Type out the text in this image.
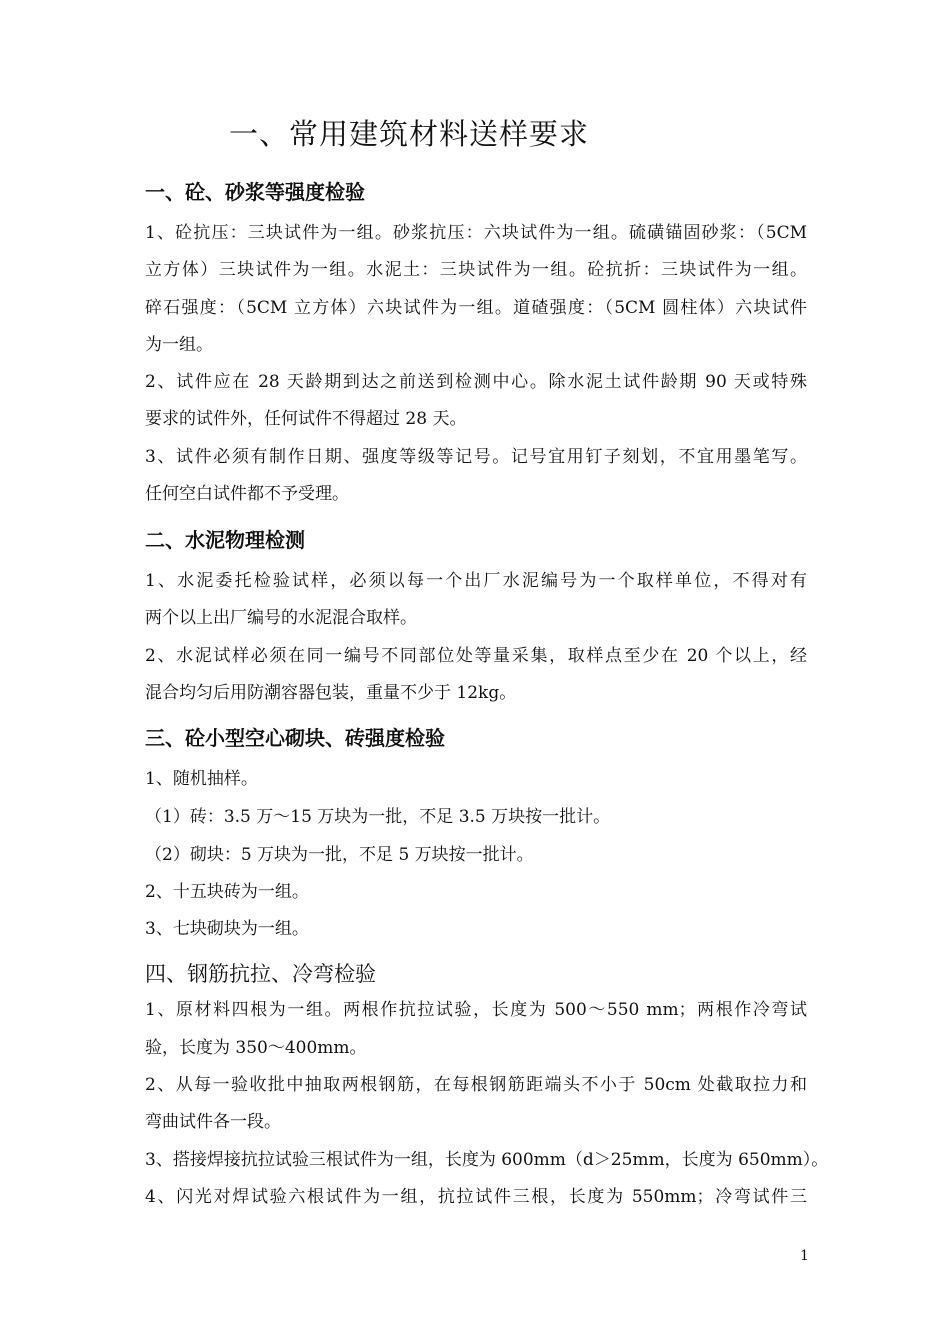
一、常用建筑材料送样要求
一、砼、砂浆等强度检验
1、砼抗压：三块试件为一组。砂浆抗压：六块试件为一组。硫磺锚固砂浆：（5CM
立方体）三块试件为一组。水泥土：三块试件为一组。砼抗折：三块试件为一组。
碎石强度：（5CM 立方体）六块试件为一组。道碴强度：（5CM 圆柱体）六块试件
为一组。
2、试件应在 28 天龄期到达之前送到检测中心。除水泥土试件龄期 90 天或特殊
要求的试件外，任何试件不得超过 28 天。
3、试件必须有制作日期、强度等级等记号。记号宜用钉子刻划，不宜用墨笔写。
任何空白试件都不予受理。
二、水泥物理检测
1、水泥委托检验试样，必须以每一个出厂水泥编号为一个取样单位，不得对有
两个以上出厂编号的水泥混合取样。
2、水泥试样必须在同一编号不同部位处等量采集，取样点至少在 20 个以上，经
混合均匀后用防潮容器包装，重量不少于 12kg。
三、砼小型空心砌块、砖强度检验
1、随机抽样。
（1）砖：3.5 万～15 万块为一批，不足 3.5 万块按一批计。
（2）砌块：5 万块为一批，不足 5 万块按一批计。
2、十五块砖为一组。
3、七块砌块为一组。
四、钢筋抗拉、冷弯检验
1、原材料四根为一组。两根作抗拉试验，长度为 500～550 mm；两根作冷弯试
验，长度为 350～400mm。
2、从每一验收批中抽取两根钢筋，在每根钢筋距端头不小于 50cm 处截取拉力和
弯曲试件各一段。
3、搭接焊接抗拉试验三根试件为一组，长度为 600mm（d＞25mm，长度为 650mm）。
4、闪光对焊试验六根试件为一组，抗拉试件三根，长度为 550mm；冷弯试件三
1
